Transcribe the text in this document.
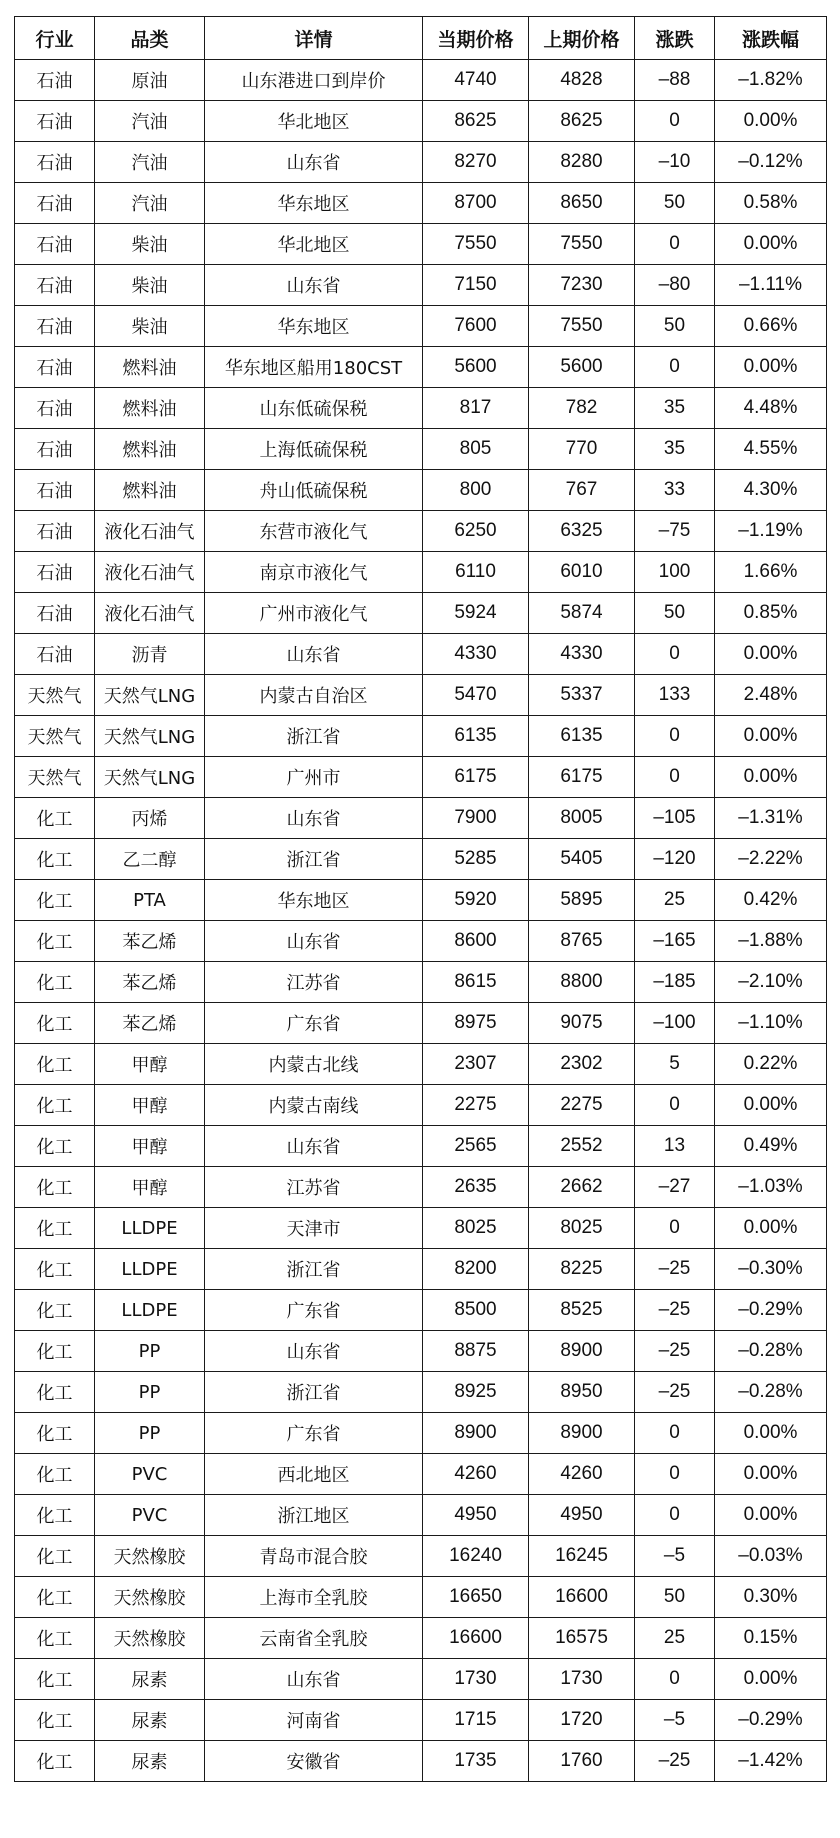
行业	品类	详情	当期价格	上期价格	涨跌	涨跌幅
石油	原油	山东港进口到岸价	4740	4828	–88	–1.82%
石油	汽油	华北地区	8625	8625	0	0.00%
石油	汽油	山东省	8270	8280	–10	–0.12%
石油	汽油	华东地区	8700	8650	50	0.58%
石油	柴油	华北地区	7550	7550	0	0.00%
石油	柴油	山东省	7150	7230	–80	–1.11%
石油	柴油	华东地区	7600	7550	50	0.66%
石油	燃料油	华东地区船用180CST	5600	5600	0	0.00%
石油	燃料油	山东低硫保税	817	782	35	4.48%
石油	燃料油	上海低硫保税	805	770	35	4.55%
石油	燃料油	舟山低硫保税	800	767	33	4.30%
石油	液化石油气	东营市液化气	6250	6325	–75	–1.19%
石油	液化石油气	南京市液化气	6110	6010	100	1.66%
石油	液化石油气	广州市液化气	5924	5874	50	0.85%
石油	沥青	山东省	4330	4330	0	0.00%
天然气	天然气LNG	内蒙古自治区	5470	5337	133	2.48%
天然气	天然气LNG	浙江省	6135	6135	0	0.00%
天然气	天然气LNG	广州市	6175	6175	0	0.00%
化工	丙烯	山东省	7900	8005	–105	–1.31%
化工	乙二醇	浙江省	5285	5405	–120	–2.22%
化工	PTA	华东地区	5920	5895	25	0.42%
化工	苯乙烯	山东省	8600	8765	–165	–1.88%
化工	苯乙烯	江苏省	8615	8800	–185	–2.10%
化工	苯乙烯	广东省	8975	9075	–100	–1.10%
化工	甲醇	内蒙古北线	2307	2302	5	0.22%
化工	甲醇	内蒙古南线	2275	2275	0	0.00%
化工	甲醇	山东省	2565	2552	13	0.49%
化工	甲醇	江苏省	2635	2662	–27	–1.03%
化工	LLDPE	天津市	8025	8025	0	0.00%
化工	LLDPE	浙江省	8200	8225	–25	–0.30%
化工	LLDPE	广东省	8500	8525	–25	–0.29%
化工	PP	山东省	8875	8900	–25	–0.28%
化工	PP	浙江省	8925	8950	–25	–0.28%
化工	PP	广东省	8900	8900	0	0.00%
化工	PVC	西北地区	4260	4260	0	0.00%
化工	PVC	浙江地区	4950	4950	0	0.00%
化工	天然橡胶	青岛市混合胶	16240	16245	–5	–0.03%
化工	天然橡胶	上海市全乳胶	16650	16600	50	0.30%
化工	天然橡胶	云南省全乳胶	16600	16575	25	0.15%
化工	尿素	山东省	1730	1730	0	0.00%
化工	尿素	河南省	1715	1720	–5	–0.29%
化工	尿素	安徽省	1735	1760	–25	–1.42%
